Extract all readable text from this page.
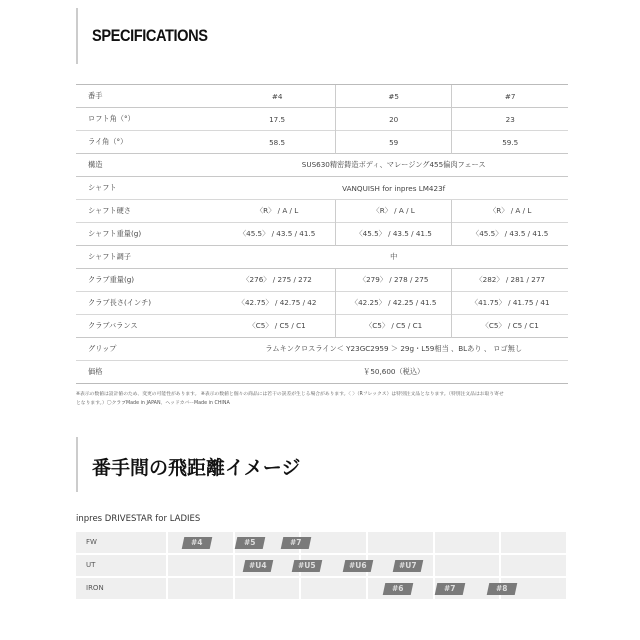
SPECIFICATIONS
番手	#4	#5	#7
ロフト角（°）	17.5	20	23
ライ角（°）	58.5	59	59.5
構造	SUS630精密鋳造ボディ、マレージング455偏肉フェース		
シャフト	VANQUISH for inpres LM423f		
シャフト硬さ	〈R〉 / A / L	〈R〉 / A / L	〈R〉 / A / L
シャフト重量(g)	〈45.5〉 / 43.5 / 41.5	〈45.5〉 / 43.5 / 41.5	〈45.5〉 / 43.5 / 41.5
シャフト調子	中		
クラブ重量(g)	〈276〉 / 275 / 272	〈279〉 / 278 / 275	〈282〉 / 281 / 277
クラブ長さ(インチ)	〈42.75〉 / 42.75 / 42	〈42.25〉 / 42.25 / 41.5	〈41.75〉 / 41.75 / 41
クラブバランス	〈C5〉 / C5 / C1	〈C5〉 / C5 / C1	〈C5〉 / C5 / C1
グリップ	ラムキンクロスライン＜ Y23GC2959 ＞ 29g・L59相当 、BLあり 、 ロゴ無し		
価格	￥50,600（税込）		
※表示の数値は設計値のため、変更の可能性があります。 ※表示の数値と個々の商品には若干の誤差が生じる場合があります。〈 〉（Rフレックス）は特別注文品となります。（特別注文品はお取り寄せ
となります。）〇クラブMade in JAPAN、ヘッドカバーMade in CHINA
番手間の飛距離イメージ
inpres DRIVESTAR for LADIES
FW	#4	#5	#7
UT	#U4	#U5	#U6	#U7
IRON	#6	#7	#8
